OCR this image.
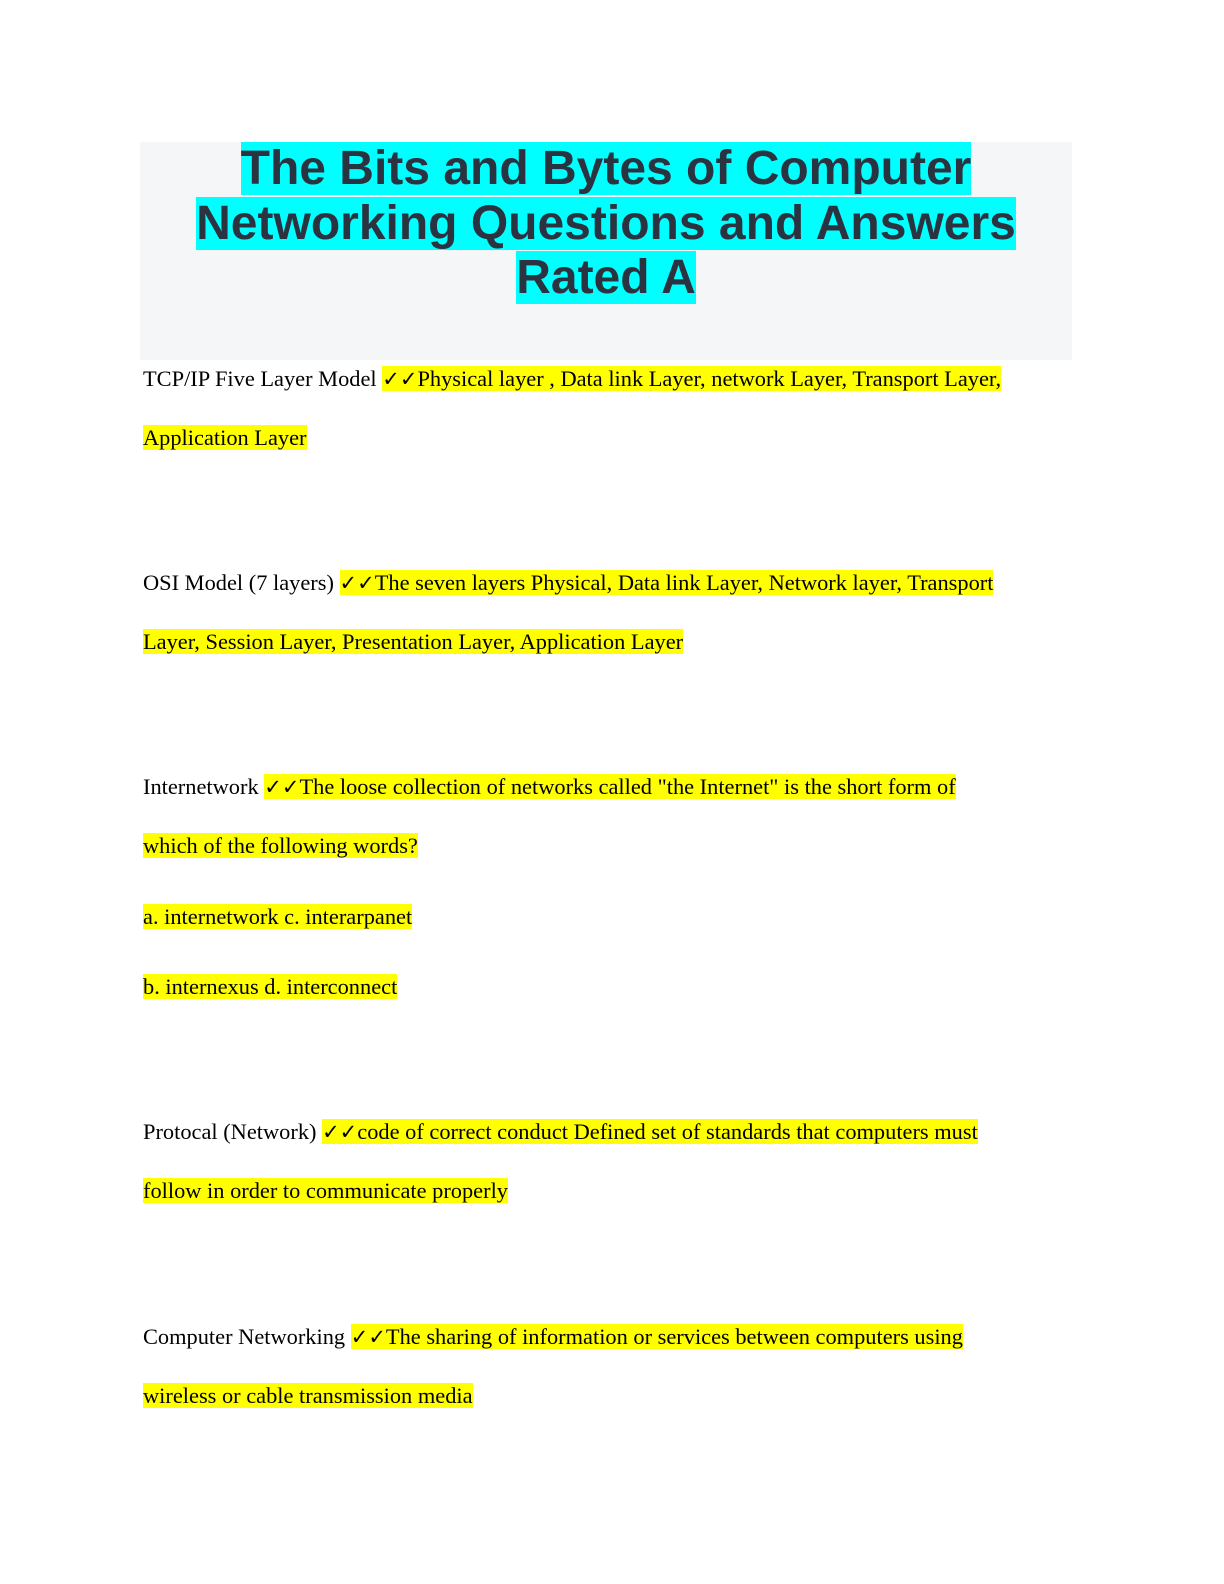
The Bits and Bytes of Computer
Networking Questions and Answers
Rated A
TCP/IP Five Layer Model ✓✓Physical layer , Data link Layer, network Layer, Transport Layer,
Application Layer
OSI Model (7 layers) ✓✓The seven layers Physical, Data link Layer, Network layer, Transport
Layer, Session Layer, Presentation Layer, Application Layer
Internetwork ✓✓The loose collection of networks called "the Internet" is the short form of
which of the following words?
a. internetwork c. interarpanet
b. internexus d. interconnect
Protocal (Network) ✓✓code of correct conduct Defined set of standards that computers must
follow in order to communicate properly
Computer Networking ✓✓The sharing of information or services between computers using
wireless or cable transmission media
